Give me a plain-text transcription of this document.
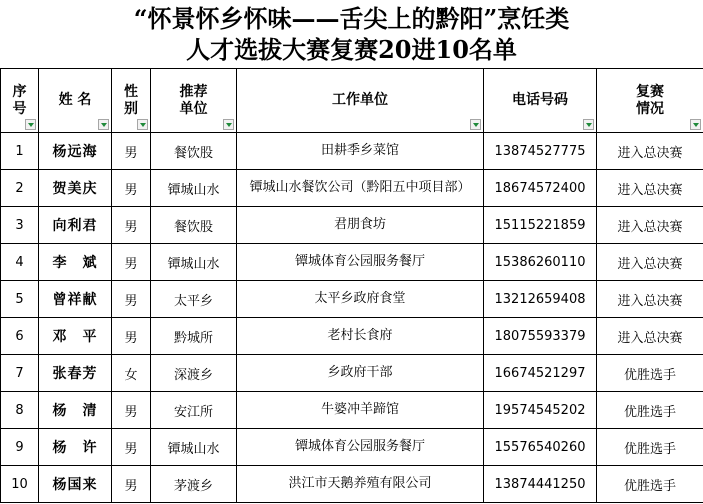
“怀景怀乡怀味——舌尖上的黔阳”烹饪类
人才选拔大赛复赛20进10名单
序号	姓 名	性别	推荐单位	工作单位	电话号码	复赛情况

1	杨远海	男	餐饮股	田耕季乡菜馆	13874527775	进入总决赛
2	贺美庆	男	镡城山水	镡城山水餐饮公司（黔阳五中项目部）	18674572400	进入总决赛
3	向利君	男	餐饮股	君朋食坊	15115221859	进入总决赛
4	李　斌	男	镡城山水	镡城体育公园服务餐厅	15386260110	进入总决赛
5	曾祥献	男	太平乡	太平乡政府食堂	13212659408	进入总决赛
6	邓　平	男	黔城所	老村长食府	18075593379	进入总决赛
7	张春芳	女	深渡乡	乡政府干部	16674521297	优胜选手
8	杨　清	男	安江所	牛婆冲羊蹄馆	19574545202	优胜选手
9	杨　许	男	镡城山水	镡城体育公园服务餐厅	15576540260	优胜选手
10	杨国来	男	茅渡乡	洪江市天鹅养殖有限公司	13874441250	优胜选手
